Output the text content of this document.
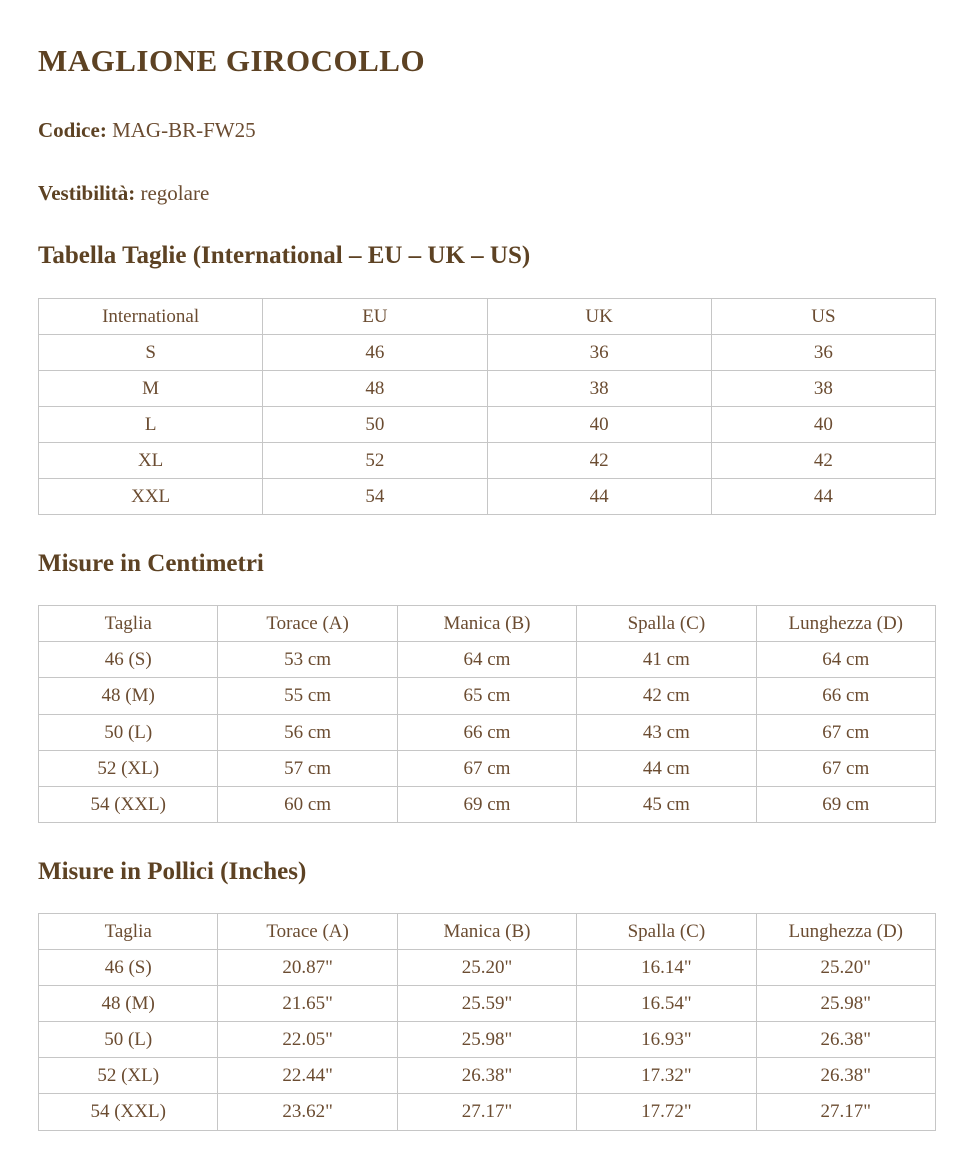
MAGLIONE GIROCOLLO

Codice: MAG-BR-FW25

Vestibilità: regolare

Tabella Taglie (International – EU – UK – US)
International	EU	UK	US
S	46	36	36
M	48	38	38
L	50	40	40
XL	52	42	42
XXL	54	44	44
Misure in Centimetri
Taglia	Torace (A)	Manica (B)	Spalla (C)	Lunghezza (D)
46 (S)	53 cm	64 cm	41 cm	64 cm
48 (M)	55 cm	65 cm	42 cm	66 cm
50 (L)	56 cm	66 cm	43 cm	67 cm
52 (XL)	57 cm	67 cm	44 cm	67 cm
54 (XXL)	60 cm	69 cm	45 cm	69 cm
Misure in Pollici (Inches)
Taglia	Torace (A)	Manica (B)	Spalla (C)	Lunghezza (D)
46 (S)	20.87"	25.20"	16.14"	25.20"
48 (M)	21.65"	25.59"	16.54"	25.98"
50 (L)	22.05"	25.98"	16.93"	26.38"
52 (XL)	22.44"	26.38"	17.32"	26.38"
54 (XXL)	23.62"	27.17"	17.72"	27.17"
